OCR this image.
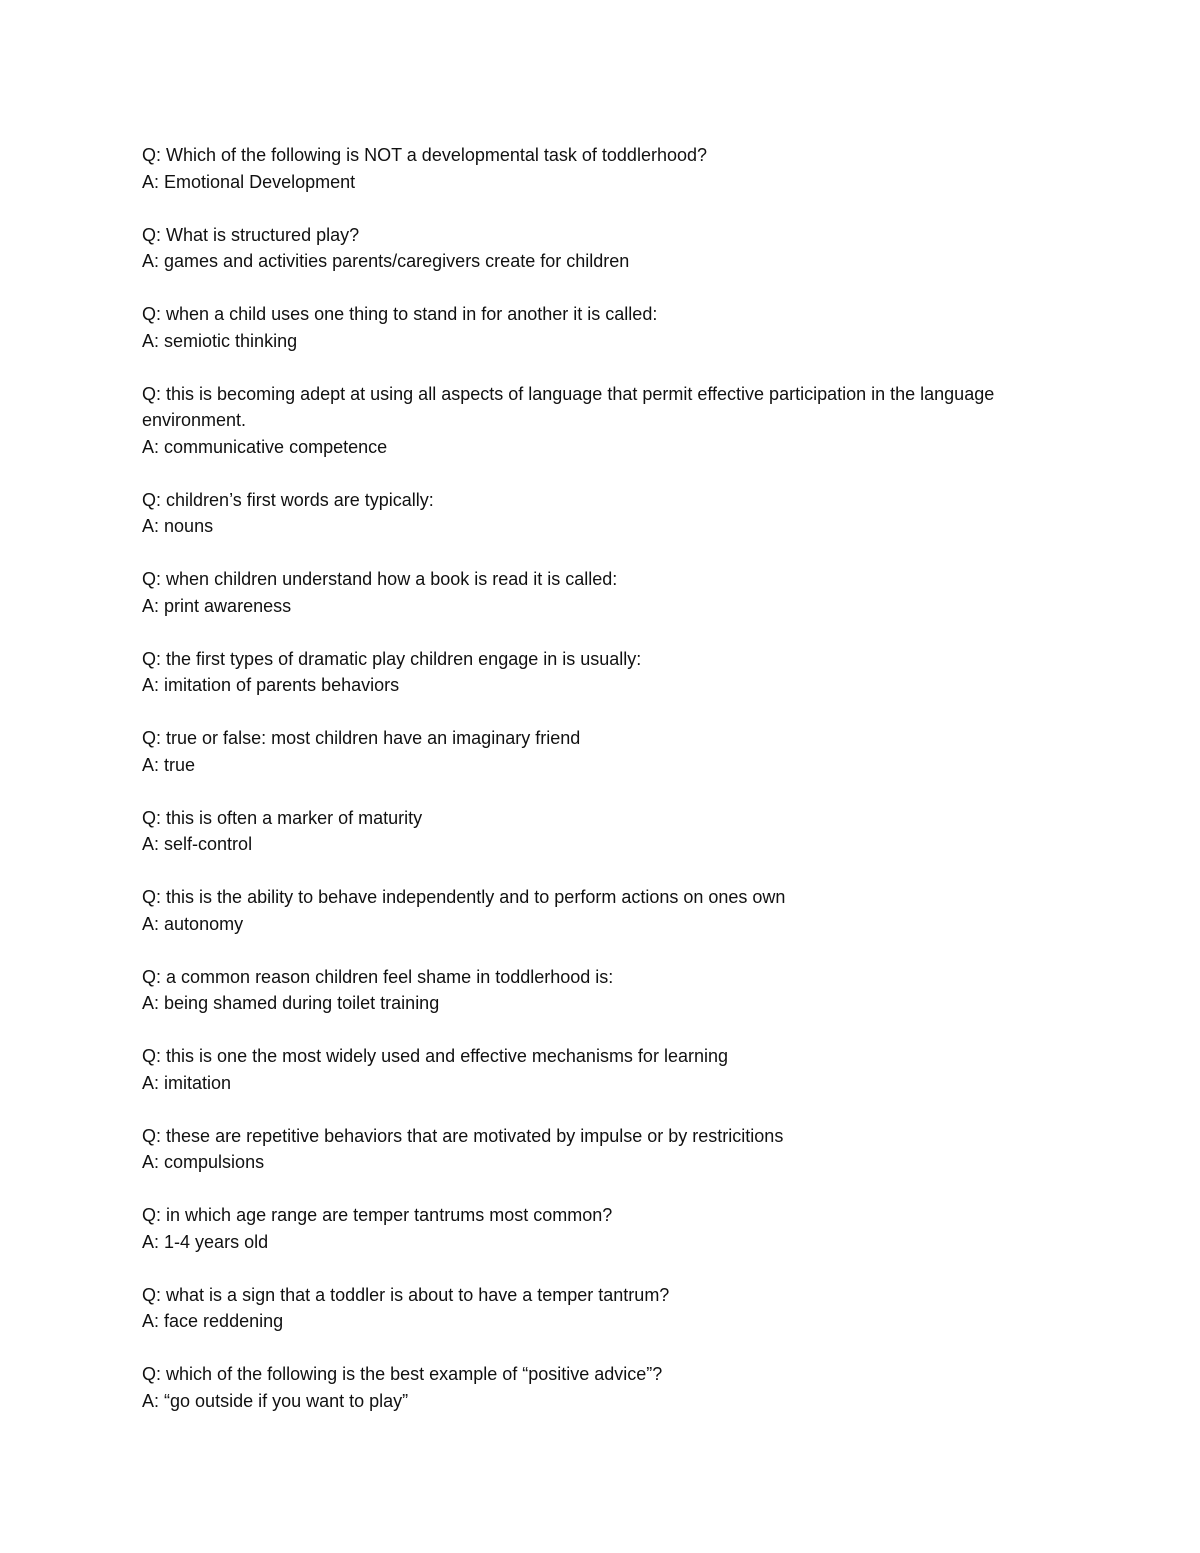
Q: Which of the following is NOT a developmental task of toddlerhood?

A: Emotional Development

Q: What is structured play?

A: games and activities parents/caregivers create for children

Q: when a child uses one thing to stand in for another it is called:

A: semiotic thinking

Q: this is becoming adept at using all aspects of language that permit effective participation in the language environment.

A: communicative competence

Q: children’s first words are typically:

A: nouns

Q: when children understand how a book is read it is called:

A: print awareness

Q: the first types of dramatic play children engage in is usually:

A: imitation of parents behaviors

Q: true or false: most children have an imaginary friend

A: true

Q: this is often a marker of maturity

A: self-control

Q: this is the ability to behave independently and to perform actions on ones own

A: autonomy

Q: a common reason children feel shame in toddlerhood is:

A: being shamed during toilet training

Q: this is one the most widely used and effective mechanisms for learning

A: imitation

Q: these are repetitive behaviors that are motivated by impulse or by restricitions

A: compulsions

Q: in which age range are temper tantrums most common?

A: 1-4 years old

Q: what is a sign that a toddler is about to have a temper tantrum?

A: face reddening

Q: which of the following is the best example of “positive advice”?

A: “go outside if you want to play”
